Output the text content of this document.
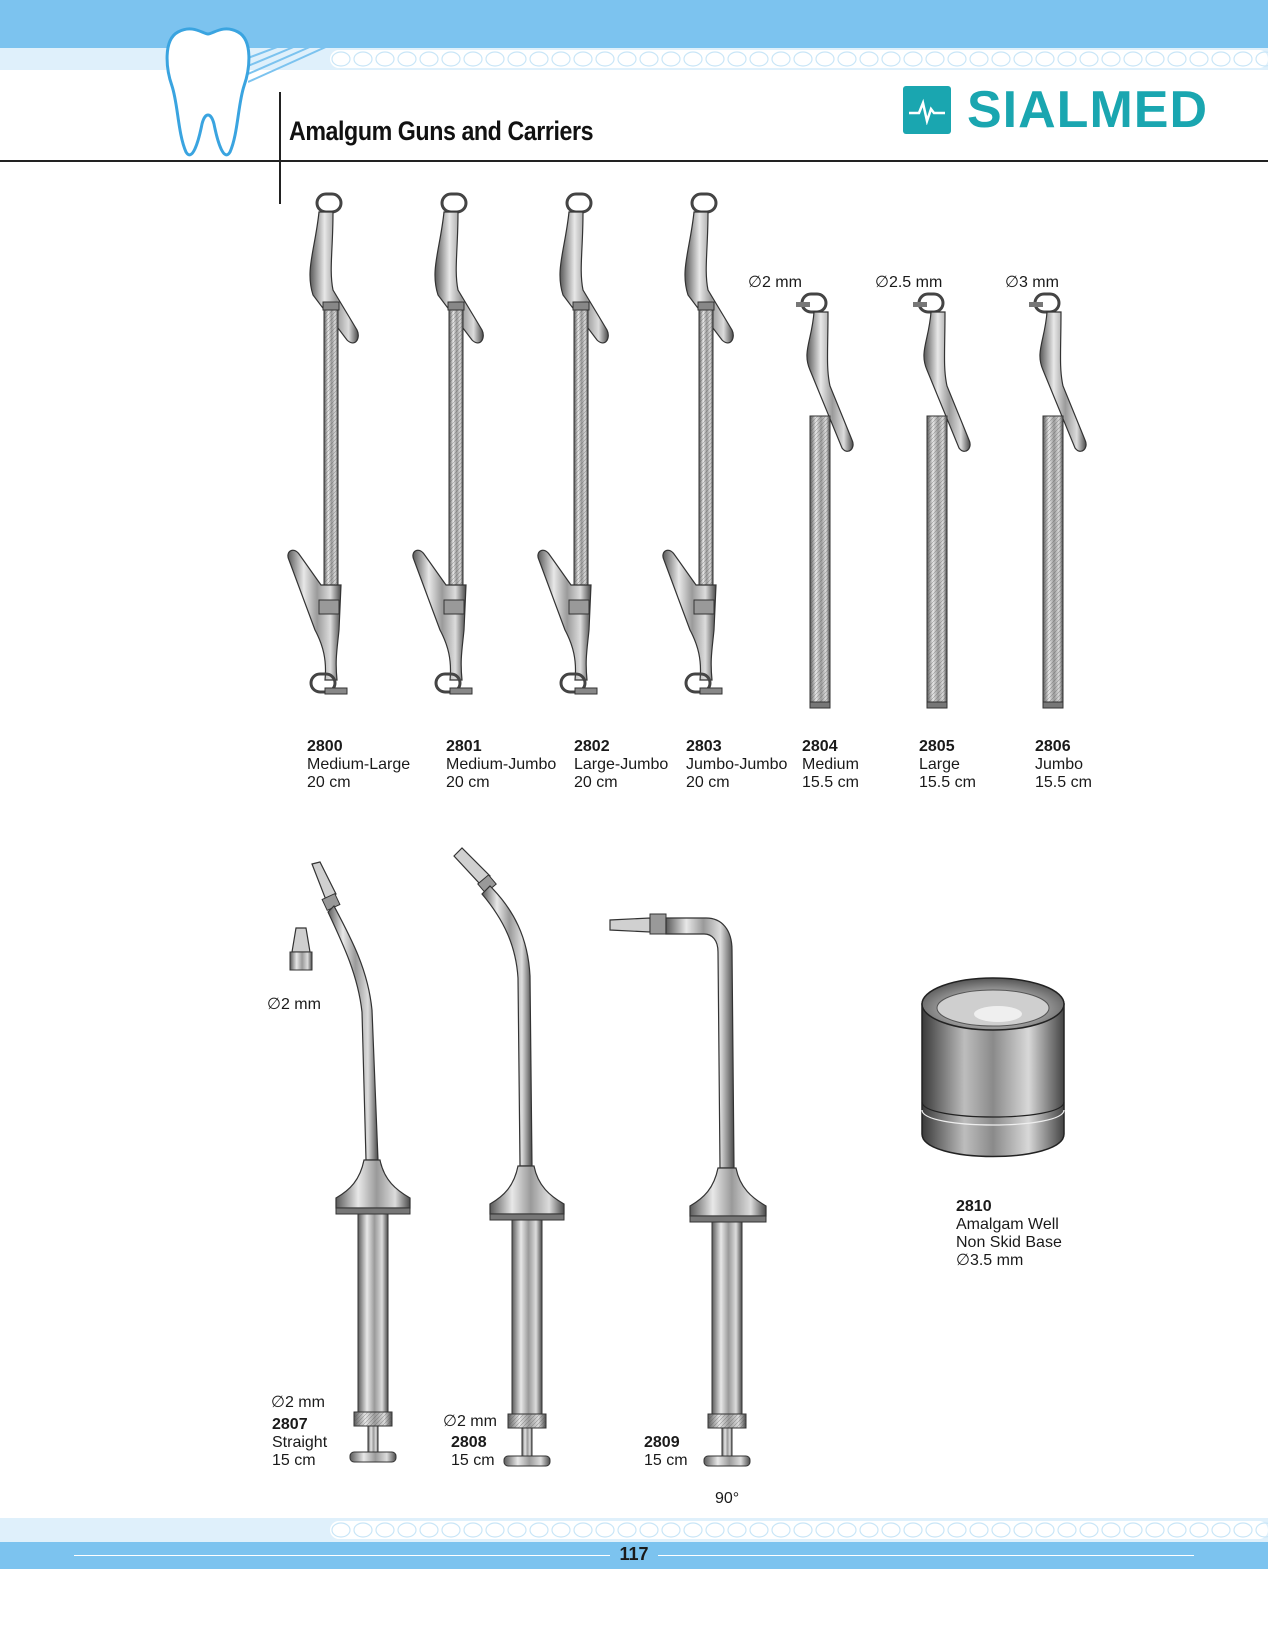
Amalgum Guns and Carriers	SIALMED
∅2 mm	∅2.5 mm	∅3 mm
2800
Medium-Large
20 cm
2801
Medium-Jumbo
20 cm
2802
Large-Jumbo
20 cm
2803
Jumbo-Jumbo
20 cm
2804
Medium
15.5 cm
2805
Large
15.5 cm
2806
Jumbo
15.5 cm
∅2 mm
∅2 mm
2807
Straight
15 cm
∅2 mm
2808
15 cm
2809
15 cm
90°
2810
Amalgam Well
Non Skid Base
∅3.5 mm
117
